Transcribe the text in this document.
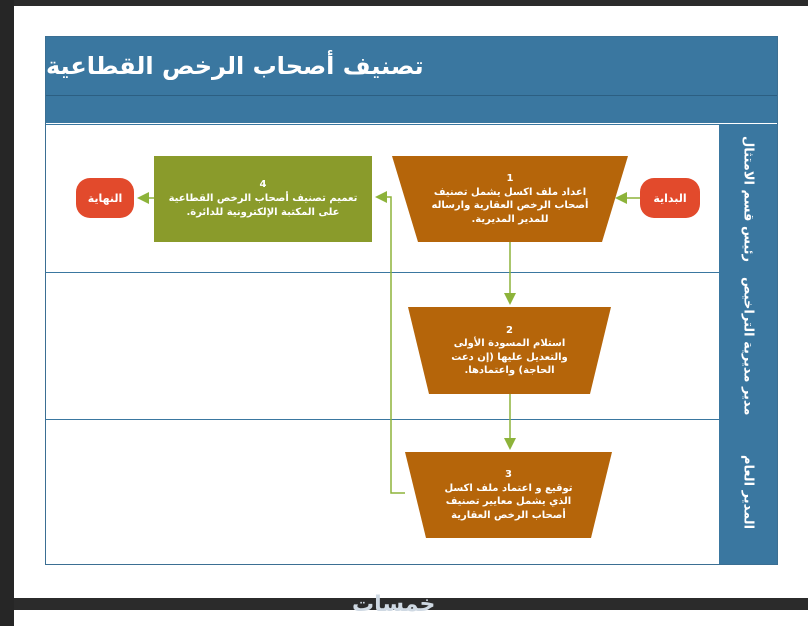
تصنيف أصحاب الرخص القطاعية
رئيس قسم الامتثال
مدير مديرية التراخيص
المدير العام
1
اعداد ملف اكسل يشمل تصنيف أصحاب الرخص العقارية وارساله للمدير المديرية.
2
استلام المسودة الأولى والتعديل عليها (إن دعت الحاجة) واعتمادها.
3
توقيع و اعتماد ملف اكسل الذي يشمل معايير تصنيف أصحاب الرخص العقارية
4
تعميم تصنيف أصحاب الرخص القطاعية على المكتبة الإلكترونية للدائرة.
البداية
النهاية
خمسات
